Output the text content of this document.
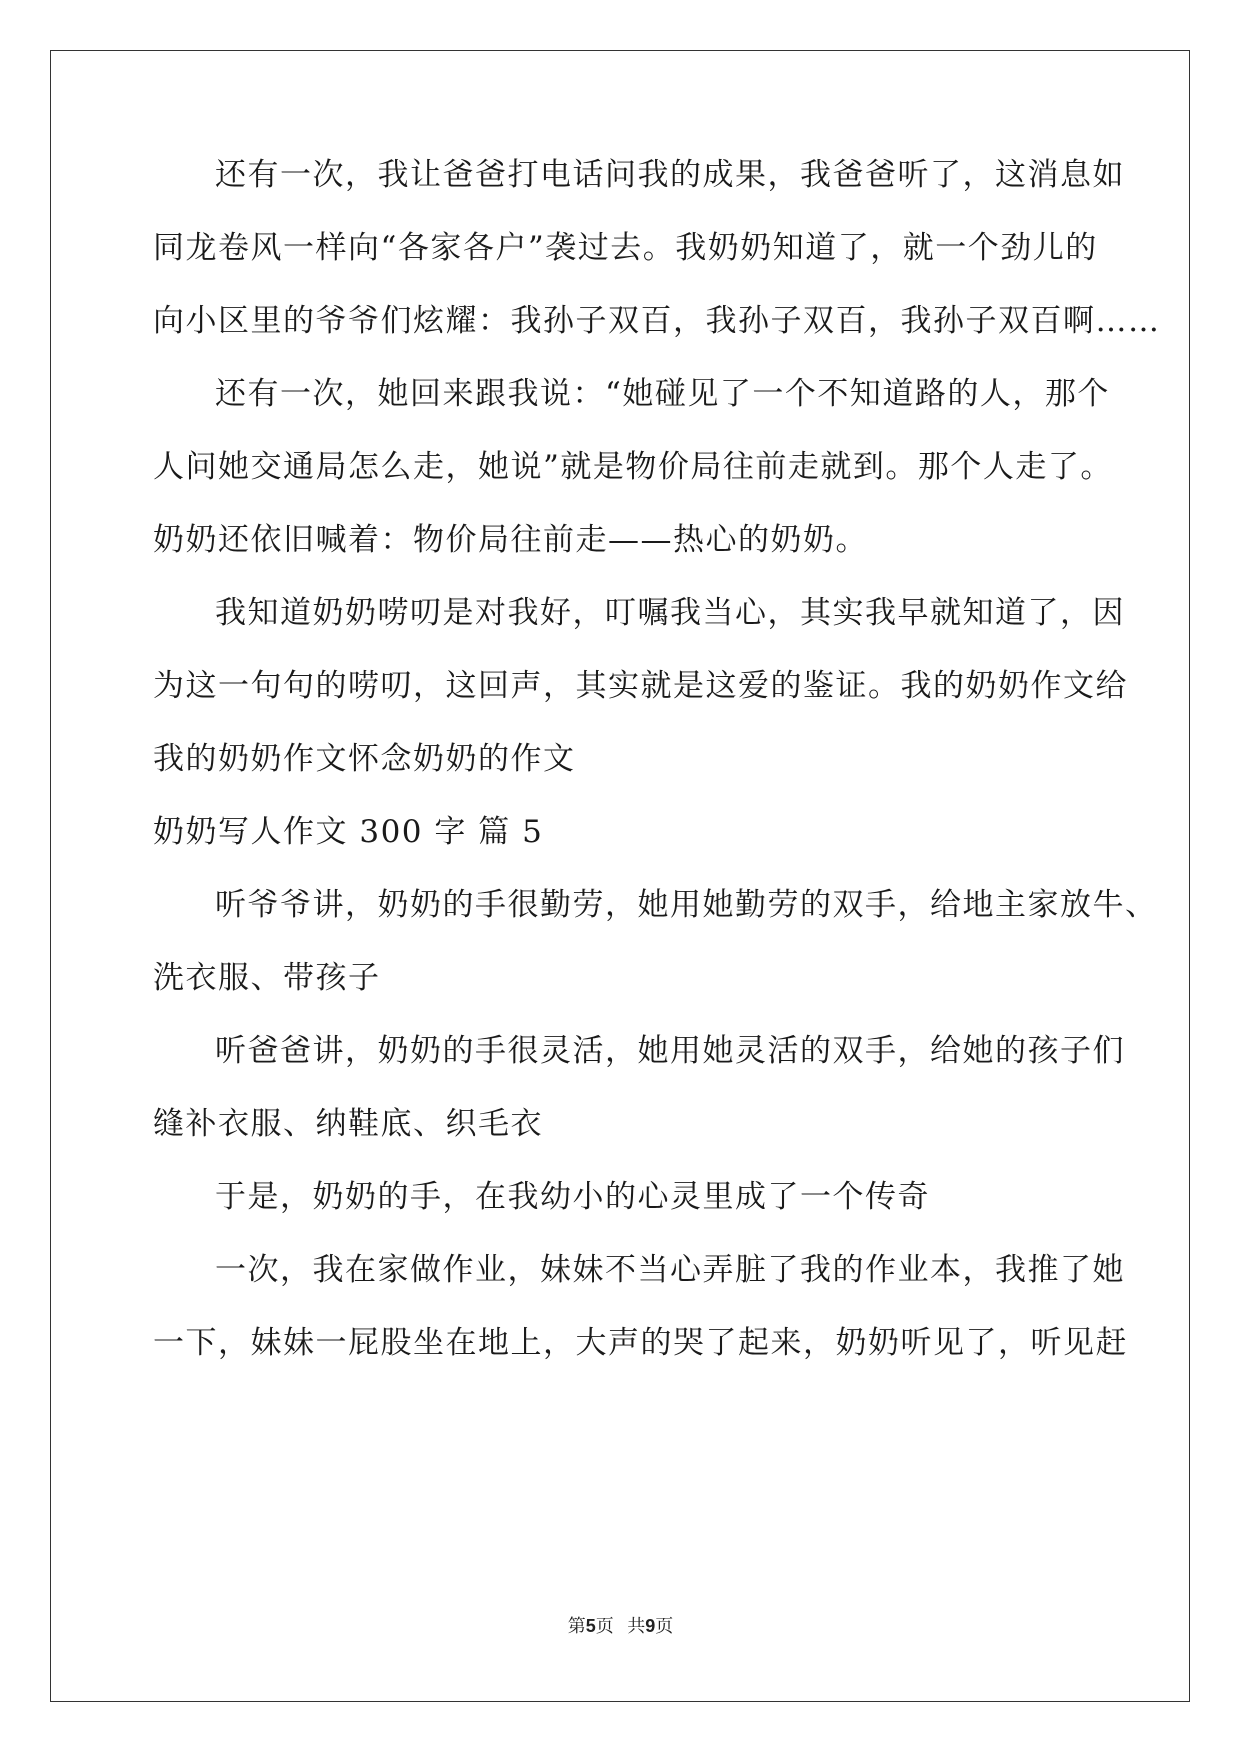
还有一次，我让爸爸打电话问我的成果，我爸爸听了，这消息如
同龙卷风一样向“各家各户”袭过去。我奶奶知道了，就一个劲儿的
向小区里的爷爷们炫耀：我孙子双百，我孙子双百，我孙子双百啊……
还有一次，她回来跟我说：“她碰见了一个不知道路的人，那个
人问她交通局怎么走，她说”就是物价局往前走就到。那个人走了。
奶奶还依旧喊着：物价局往前走——热心的奶奶。
我知道奶奶唠叨是对我好，叮嘱我当心，其实我早就知道了，因
为这一句句的唠叨，这回声，其实就是这爱的鉴证。我的奶奶作文给
我的奶奶作文怀念奶奶的作文
奶奶写人作文 300 字 篇 5
听爷爷讲，奶奶的手很勤劳，她用她勤劳的双手，给地主家放牛、
洗衣服、带孩子
听爸爸讲，奶奶的手很灵活，她用她灵活的双手，给她的孩子们
缝补衣服、纳鞋底、织毛衣
于是，奶奶的手，在我幼小的心灵里成了一个传奇
一次，我在家做作业，妹妹不当心弄脏了我的作业本，我推了她
一下，妹妹一屁股坐在地上，大声的哭了起来，奶奶听见了，听见赶
第5页   共9页
